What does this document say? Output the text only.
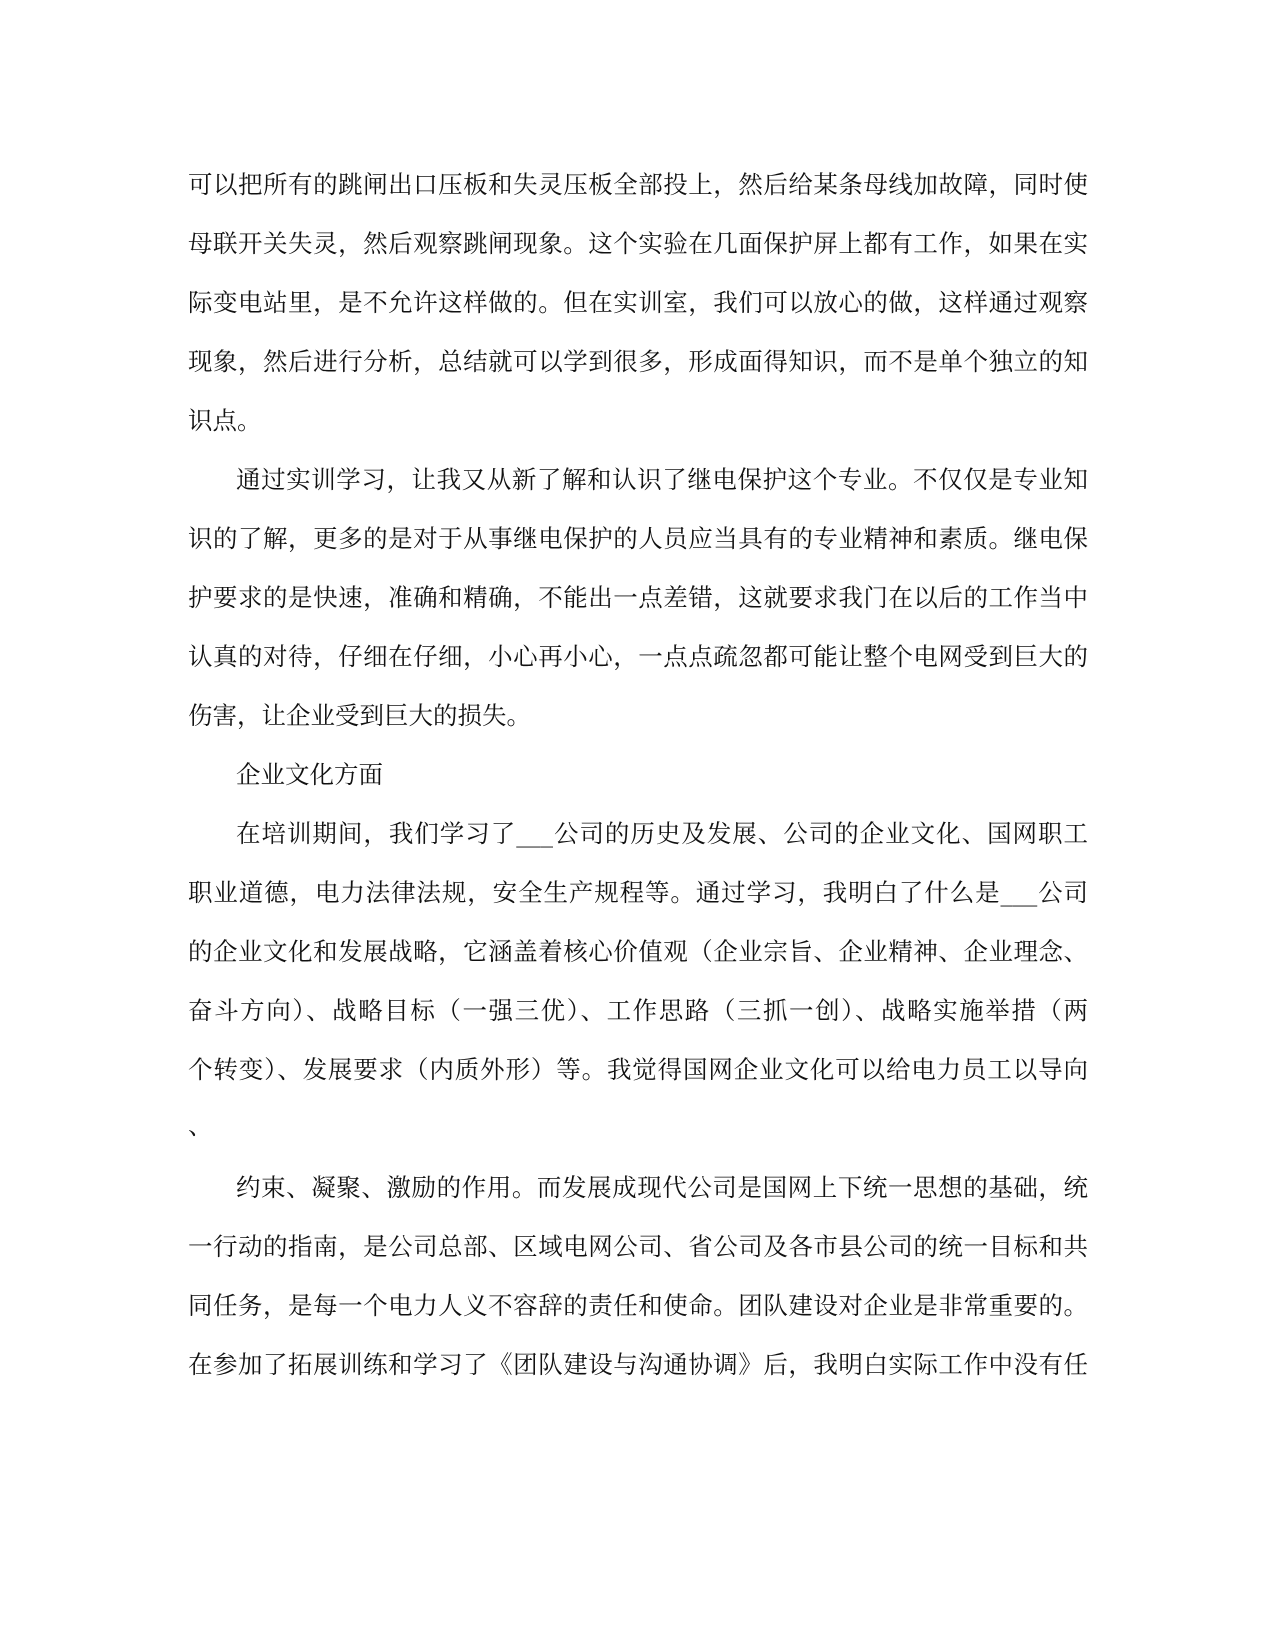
可以把所有的跳闸出口压板和失灵压板全部投上，然后给某条母线加故障，同时使

母联开关失灵，然后观察跳闸现象。这个实验在几面保护屏上都有工作，如果在实

际变电站里，是不允许这样做的。但在实训室，我们可以放心的做，这样通过观察

现象，然后进行分析，总结就可以学到很多，形成面得知识，而不是单个独立的知

识点。

通过实训学习，让我又从新了解和认识了继电保护这个专业。不仅仅是专业知

识的了解，更多的是对于从事继电保护的人员应当具有的专业精神和素质。继电保

护要求的是快速，准确和精确，不能出一点差错，这就要求我门在以后的工作当中

认真的对待，仔细在仔细，小心再小心，一点点疏忽都可能让整个电网受到巨大的

伤害，让企业受到巨大的损失。

企业文化方面

在培训期间，我们学习了___公司的历史及发展、公司的企业文化、国网职工

职业道德，电力法律法规，安全生产规程等。通过学习，我明白了什么是___公司

的企业文化和发展战略，它涵盖着核心价值观（企业宗旨、企业精神、企业理念、

奋斗方向）、战略目标（一强三优）、工作思路（三抓一创）、战略实施举措（两

个转变）、发展要求（内质外形）等。我觉得国网企业文化可以给电力员工以导向

、

约束、凝聚、激励的作用。而发展成现代公司是国网上下统一思想的基础，统

一行动的指南，是公司总部、区域电网公司、省公司及各市县公司的统一目标和共

同任务，是每一个电力人义不容辞的责任和使命。团队建设对企业是非常重要的。

在参加了拓展训练和学习了《团队建设与沟通协调》后，我明白实际工作中没有任
